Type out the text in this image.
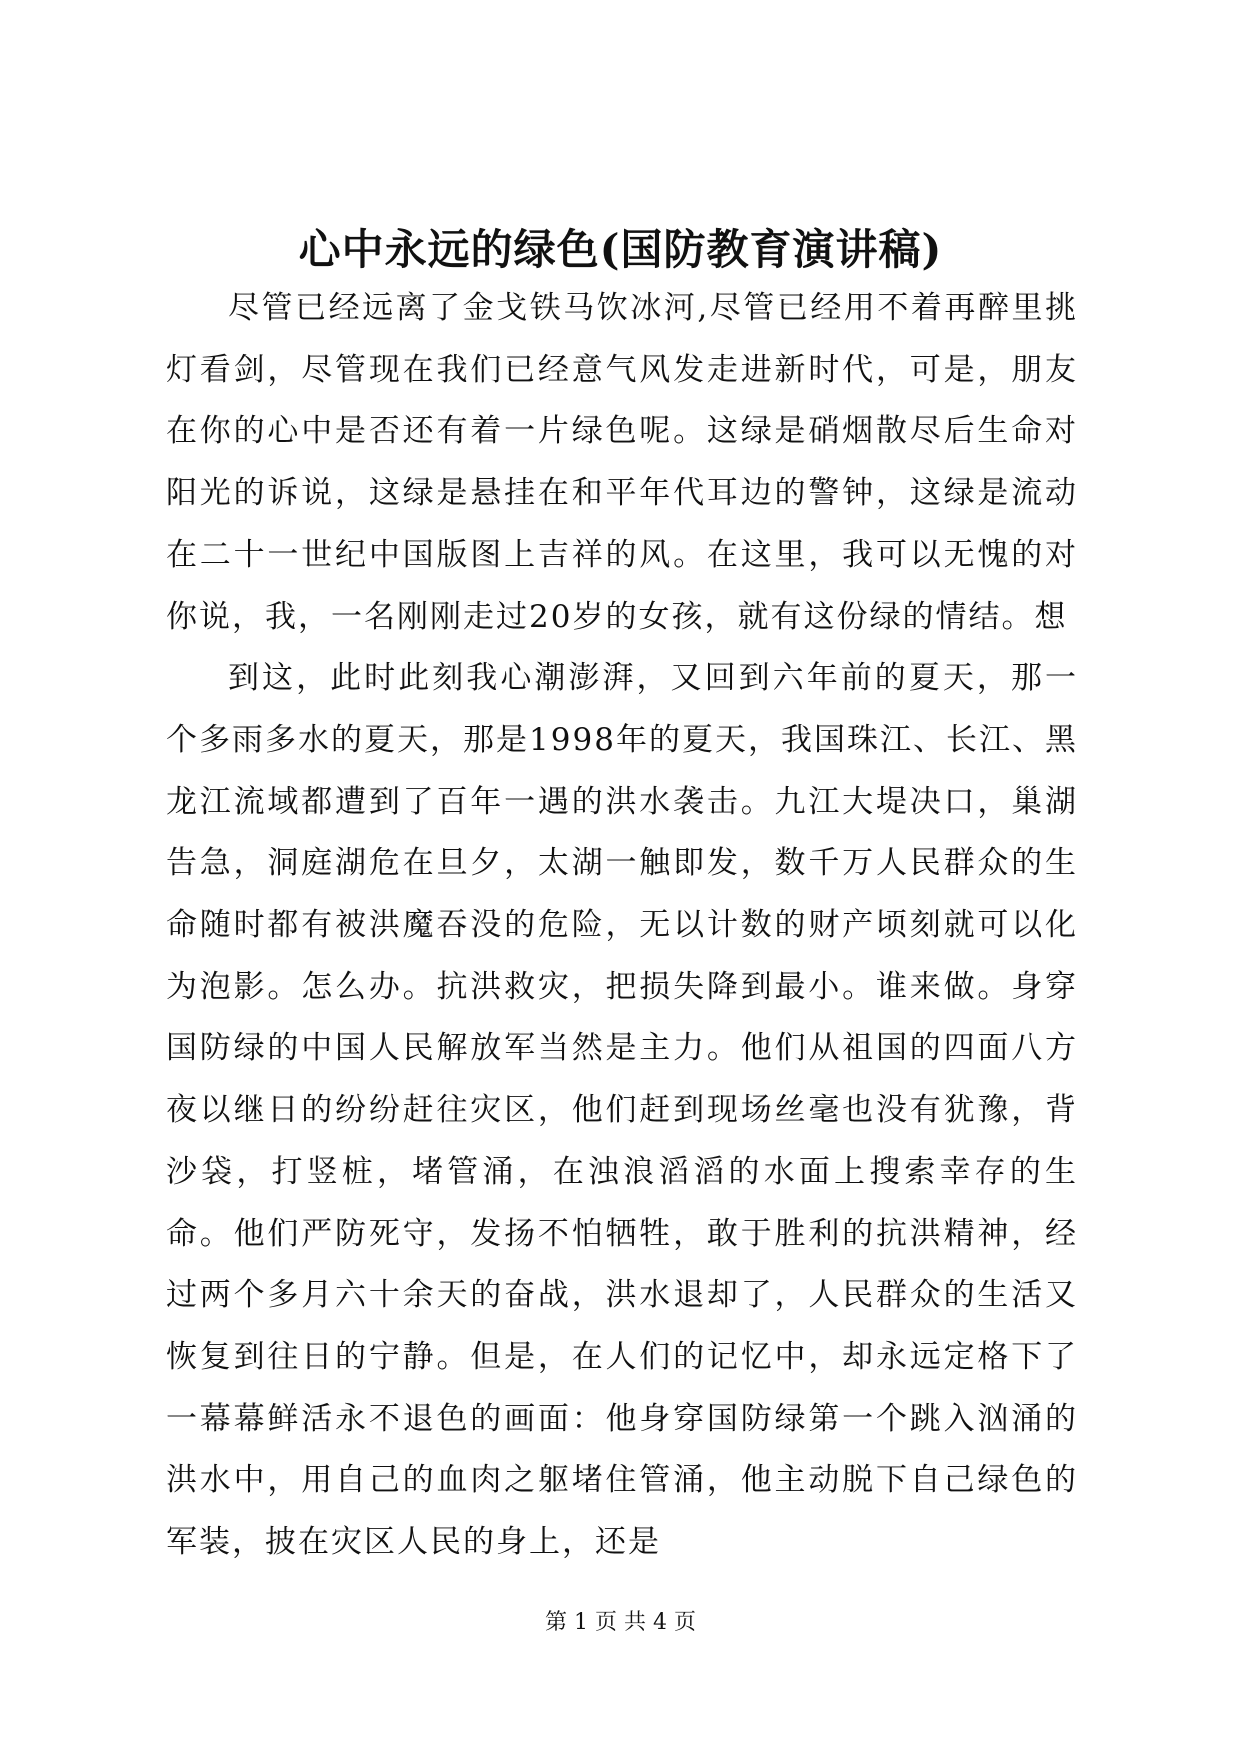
心中永远的绿色(国防教育演讲稿)

尽管已经远离了金戈铁马饮冰河,尽管已经用不着再醉里挑灯看剑，尽管现在我们已经意气风发走进新时代，可是，朋友在你的心中是否还有着一片绿色呢。这绿是硝烟散尽后生命对阳光的诉说，这绿是悬挂在和平年代耳边的警钟，这绿是流动在二十一世纪中国版图上吉祥的风。在这里，我可以无愧的对你说，我，一名刚刚走过20岁的女孩，就有这份绿的情结。想

到这，此时此刻我心潮澎湃，又回到六年前的夏天，那一个多雨多水的夏天，那是1998年的夏天，我国珠江、长江、黑龙江流域都遭到了百年一遇的洪水袭击。九江大堤决口，巢湖告急，洞庭湖危在旦夕，太湖一触即发，数千万人民群众的生命随时都有被洪魔吞没的危险，无以计数的财产顷刻就可以化为泡影。怎么办。抗洪救灾，把损失降到最小。谁来做。身穿国防绿的中国人民解放军当然是主力。他们从祖国的四面八方夜以继日的纷纷赶往灾区，他们赶到现场丝毫也没有犹豫，背沙袋，打竖桩，堵管涌，在浊浪滔滔的水面上搜索幸存的生命。他们严防死守，发扬不怕牺牲，敢于胜利的抗洪精神，经过两个多月六十余天的奋战，洪水退却了，人民群众的生活又恢复到往日的宁静。但是，在人们的记忆中，却永远定格下了一幕幕鲜活永不退色的画面：他身穿国防绿第一个跳入汹涌的洪水中，用自己的血肉之躯堵住管涌，他主动脱下自己绿色的军装，披在灾区人民的身上，还是

第 1 页 共 4 页
